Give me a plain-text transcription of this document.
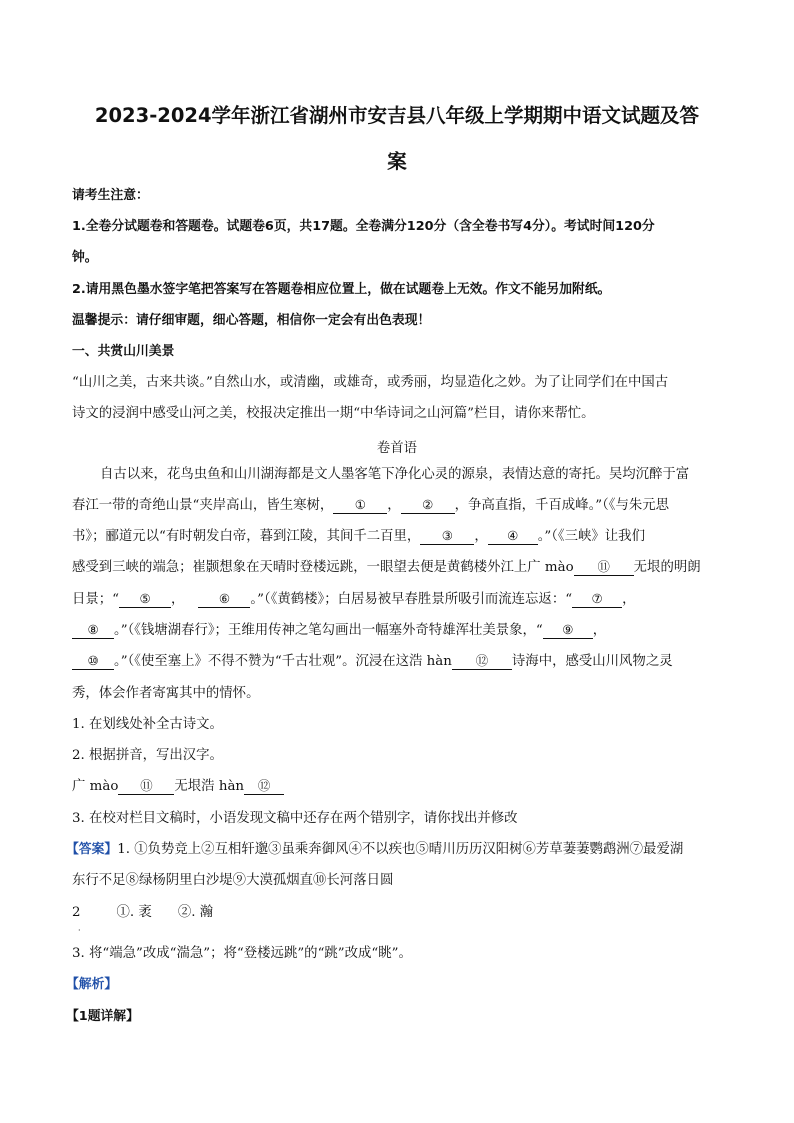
2023-2024学年浙江省湖州市安吉县八年级上学期期中语文试题及答
案
请考生注意：
1.全卷分试题卷和答题卷。试题卷6页，共17题。全卷满分120分（含全卷书写4分）。考试时间120分
钟。
2.请用黑色墨水签字笔把答案写在答题卷相应位置上，做在试题卷上无效。作文不能另加附纸。
温馨提示：请仔细审题，细心答题，相信你一定会有出色表现！
一、共赏山川美景
“山川之美，古来共谈。”自然山水，或清幽，或雄奇，或秀丽，均显造化之妙。为了让同学们在中国古
诗文的浸润中感受山河之美，校报决定推出一期“中华诗词之山河篇”栏目，请你来帮忙。
卷首语
自古以来，花鸟虫鱼和山川湖海都是文人墨客笔下净化心灵的源泉，表情达意的寄托。吴均沉醉于富
春江一带的奇绝山景“夹岸高山，皆生寒树， ① ， ② ，争高直指，千百成峰。”（《与朱元思
书》；郦道元以“有时朝发白帝，暮到江陵，其间千二百里， ③ ， ④ 。”（《三峡》让我们
感受到三峡的端急；崔颢想象在天晴时登楼远跳，一眼望去便是黄鹤楼外江上广 mào ⑪ 无垠的明朗
日景；“ ⑤ ，	⑥ 。”（《黄鹤楼》；白居易被早春胜景所吸引而流连忘返：“ ⑦ ，
⑧ 。”（《钱塘湖春行》；王维用传神之笔勾画出一幅塞外奇特雄浑壮美景象，“ ⑨ ，
⑩ 。”（《使至塞上》不得不赞为“千古壮观”。沉浸在这浩 hàn ⑫ 诗海中，感受山川风物之灵
秀，体会作者寄寓其中的情怀。
1. 在划线处补全古诗文。
2. 根据拼音，写出汉字。
广 mào ⑪ 无垠浩 hàn ⑫
3. 在校对栏目文稿时，小语发现文稿中还存在两个错别字，请你找出并修改
【答案】1. ①负势竞上②互相轩邈③虽乘奔御风④不以疾也⑤晴川历历汉阳树⑥芳草萋萋鹦鹉洲⑦最爱湖
东行不足⑧绿杨阴里白沙堤⑨大漠孤烟直⑩长河落日圆
2	①. 袤 ②. 瀚
·
3. 将“端急”改成“湍急”；将“登楼远跳”的“跳”改成“眺”。
【解析】
【1题详解】
